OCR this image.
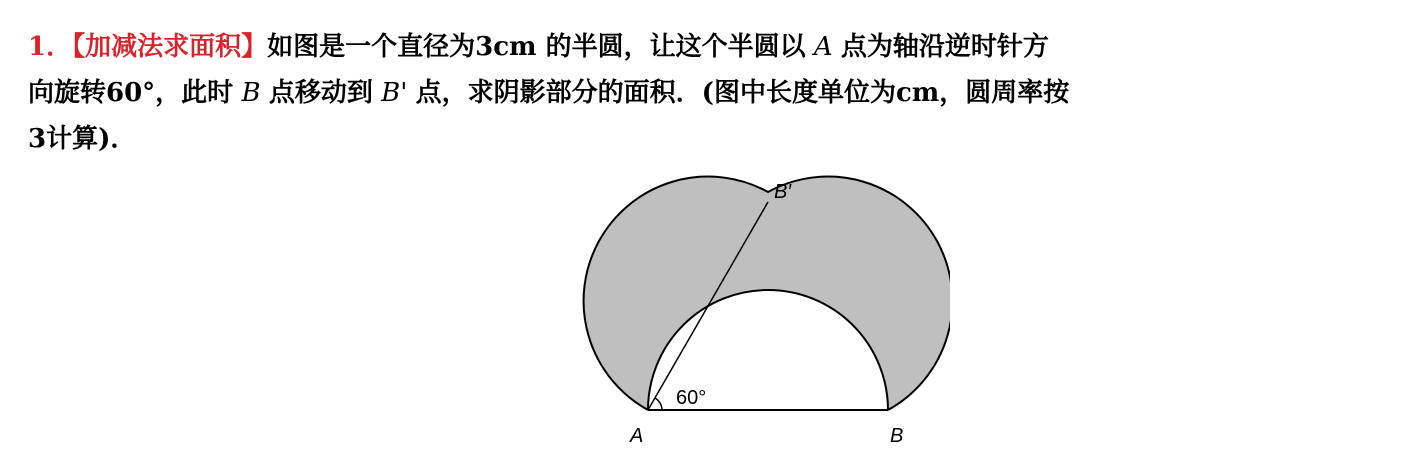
1．【加减法求面积】如图是一个直径为3cm 的半圆，让这个半圆以 A 点为轴沿逆时针方
向旋转60°，此时 B 点移动到 B' 点，求阴影部分的面积．(图中长度单位为cm，圆周率按
3计算)．
60°
A	B
B′
